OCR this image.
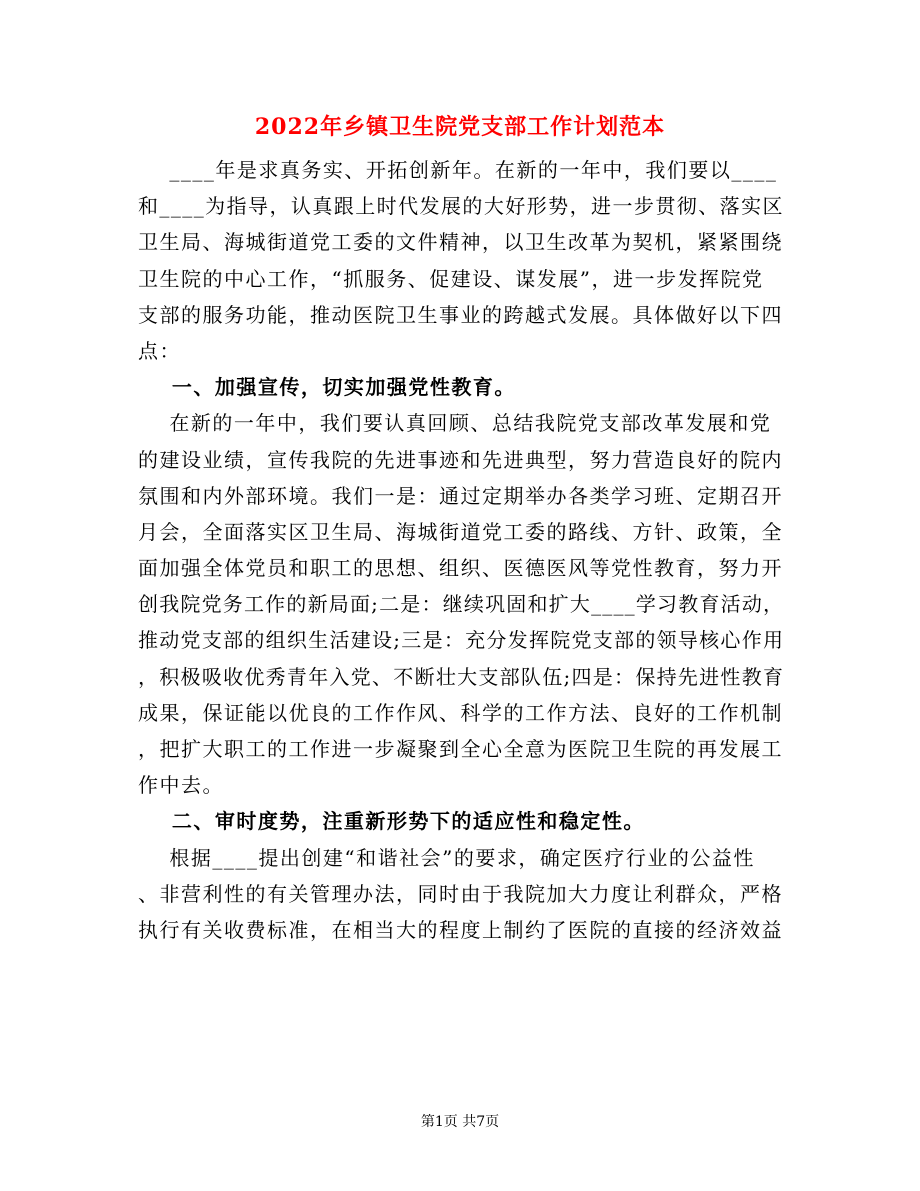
2022年乡镇卫生院党支部工作计划范本
____年是求真务实、开拓创新年。在新的一年中，我们要以____
和____为指导，认真跟上时代发展的大好形势，进一步贯彻、落实区
卫生局、海城街道党工委的文件精神，以卫生改革为契机，紧紧围绕
卫生院的中心工作，“抓服务、促建设、谋发展”，进一步发挥院党
支部的服务功能，推动医院卫生事业的跨越式发展。具体做好以下四
点：
一、加强宣传，切实加强党性教育。
在新的一年中，我们要认真回顾、总结我院党支部改革发展和党
的建设业绩，宣传我院的先进事迹和先进典型，努力营造良好的院内
氛围和内外部环境。我们一是：通过定期举办各类学习班、定期召开
月会，全面落实区卫生局、海城街道党工委的路线、方针、政策，全
面加强全体党员和职工的思想、组织、医德医风等党性教育，努力开
创我院党务工作的新局面;二是：继续巩固和扩大____学习教育活动，
推动党支部的组织生活建设;三是：充分发挥院党支部的领导核心作用
，积极吸收优秀青年入党、不断壮大支部队伍;四是：保持先进性教育
成果，保证能以优良的工作作风、科学的工作方法、良好的工作机制
，把扩大职工的工作进一步凝聚到全心全意为医院卫生院的再发展工
作中去。
二、审时度势，注重新形势下的适应性和稳定性。
根据____提出创建“和谐社会”的要求，确定医疗行业的公益性
、非营利性的有关管理办法，同时由于我院加大力度让利群众，严格
执行有关收费标准，在相当大的程度上制约了医院的直接的经济效益
第1页 共7页
